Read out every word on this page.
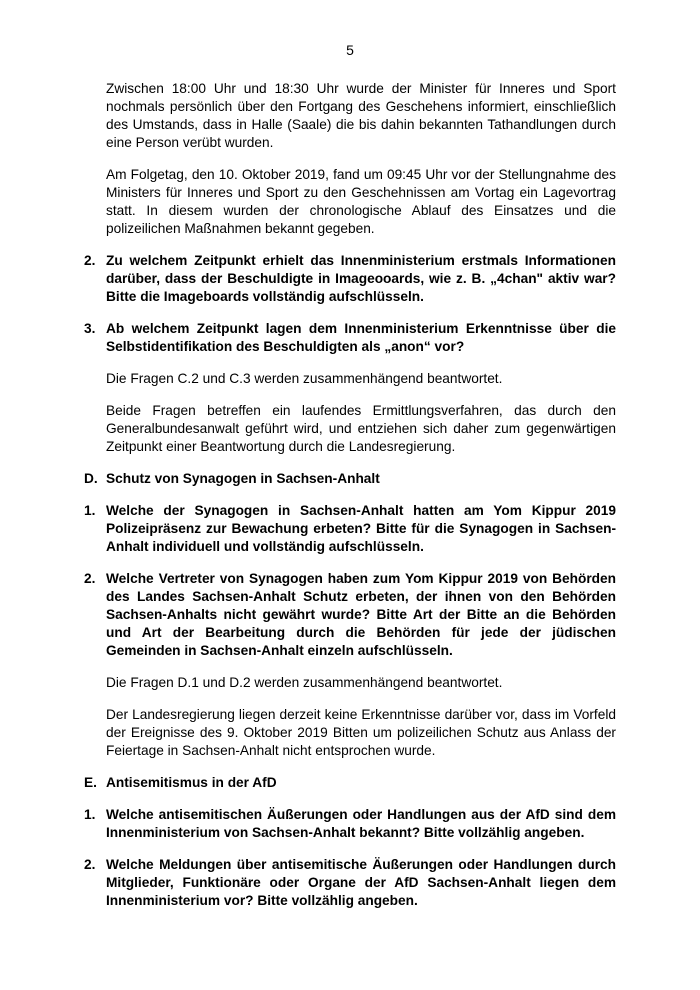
5

Zwischen 18:00 Uhr und 18:30 Uhr wurde der Minister für Inneres und Sport nochmals persönlich über den Fortgang des Geschehens informiert, einschließlich des Umstands, dass in Halle (Saale) die bis dahin bekannten Tathandlungen durch eine Person verübt wurden.

Am Folgetag, den 10. Oktober 2019, fand um 09:45 Uhr vor der Stellungnahme des Ministers für Inneres und Sport zu den Geschehnissen am Vortag ein Lagevortrag statt. In diesem wurden der chronologische Ablauf des Einsatzes und die polizeilichen Maßnahmen bekannt gegeben.

2. Zu welchem Zeitpunkt erhielt das Innenministerium erstmals Informationen darüber, dass der Beschuldigte in Imageooards, wie z. B. „4chan" aktiv war? Bitte die Imageboards vollständig aufschlüsseln.
3. Ab welchem Zeitpunkt lagen dem Innenministerium Erkenntnisse über die Selbstidentifikation des Beschuldigten als „anon“ vor?

Die Fragen C.2 und C.3 werden zusammenhängend beantwortet.

Beide Fragen betreffen ein laufendes Ermittlungsverfahren, das durch den Generalbundesanwalt geführt wird, und entziehen sich daher zum gegenwärtigen Zeitpunkt einer Beantwortung durch die Landesregierung.

D. Schutz von Synagogen in Sachsen-Anhalt
1. Welche der Synagogen in Sachsen-Anhalt hatten am Yom Kippur 2019 Polizeipräsenz zur Bewachung erbeten? Bitte für die Synagogen in Sachsen-Anhalt individuell und vollständig aufschlüsseln.
2. Welche Vertreter von Synagogen haben zum Yom Kippur 2019 von Behörden des Landes Sachsen-Anhalt Schutz erbeten, der ihnen von den Behörden Sachsen-Anhalts nicht gewährt wurde? Bitte Art der Bitte an die Behörden und Art der Bearbeitung durch die Behörden für jede der jüdischen Gemeinden in Sachsen-Anhalt einzeln aufschlüsseln.

Die Fragen D.1 und D.2 werden zusammenhängend beantwortet.

Der Landesregierung liegen derzeit keine Erkenntnisse darüber vor, dass im Vorfeld der Ereignisse des 9. Oktober 2019 Bitten um polizeilichen Schutz aus Anlass der Feiertage in Sachsen-Anhalt nicht entsprochen wurde.

E. Antisemitismus in der AfD
1. Welche antisemitischen Äußerungen oder Handlungen aus der AfD sind dem Innenministerium von Sachsen-Anhalt bekannt? Bitte vollzählig angeben.
2. Welche Meldungen über antisemitische Äußerungen oder Handlungen durch Mitglieder, Funktionäre oder Organe der AfD Sachsen-Anhalt liegen dem Innenministerium vor? Bitte vollzählig angeben.
